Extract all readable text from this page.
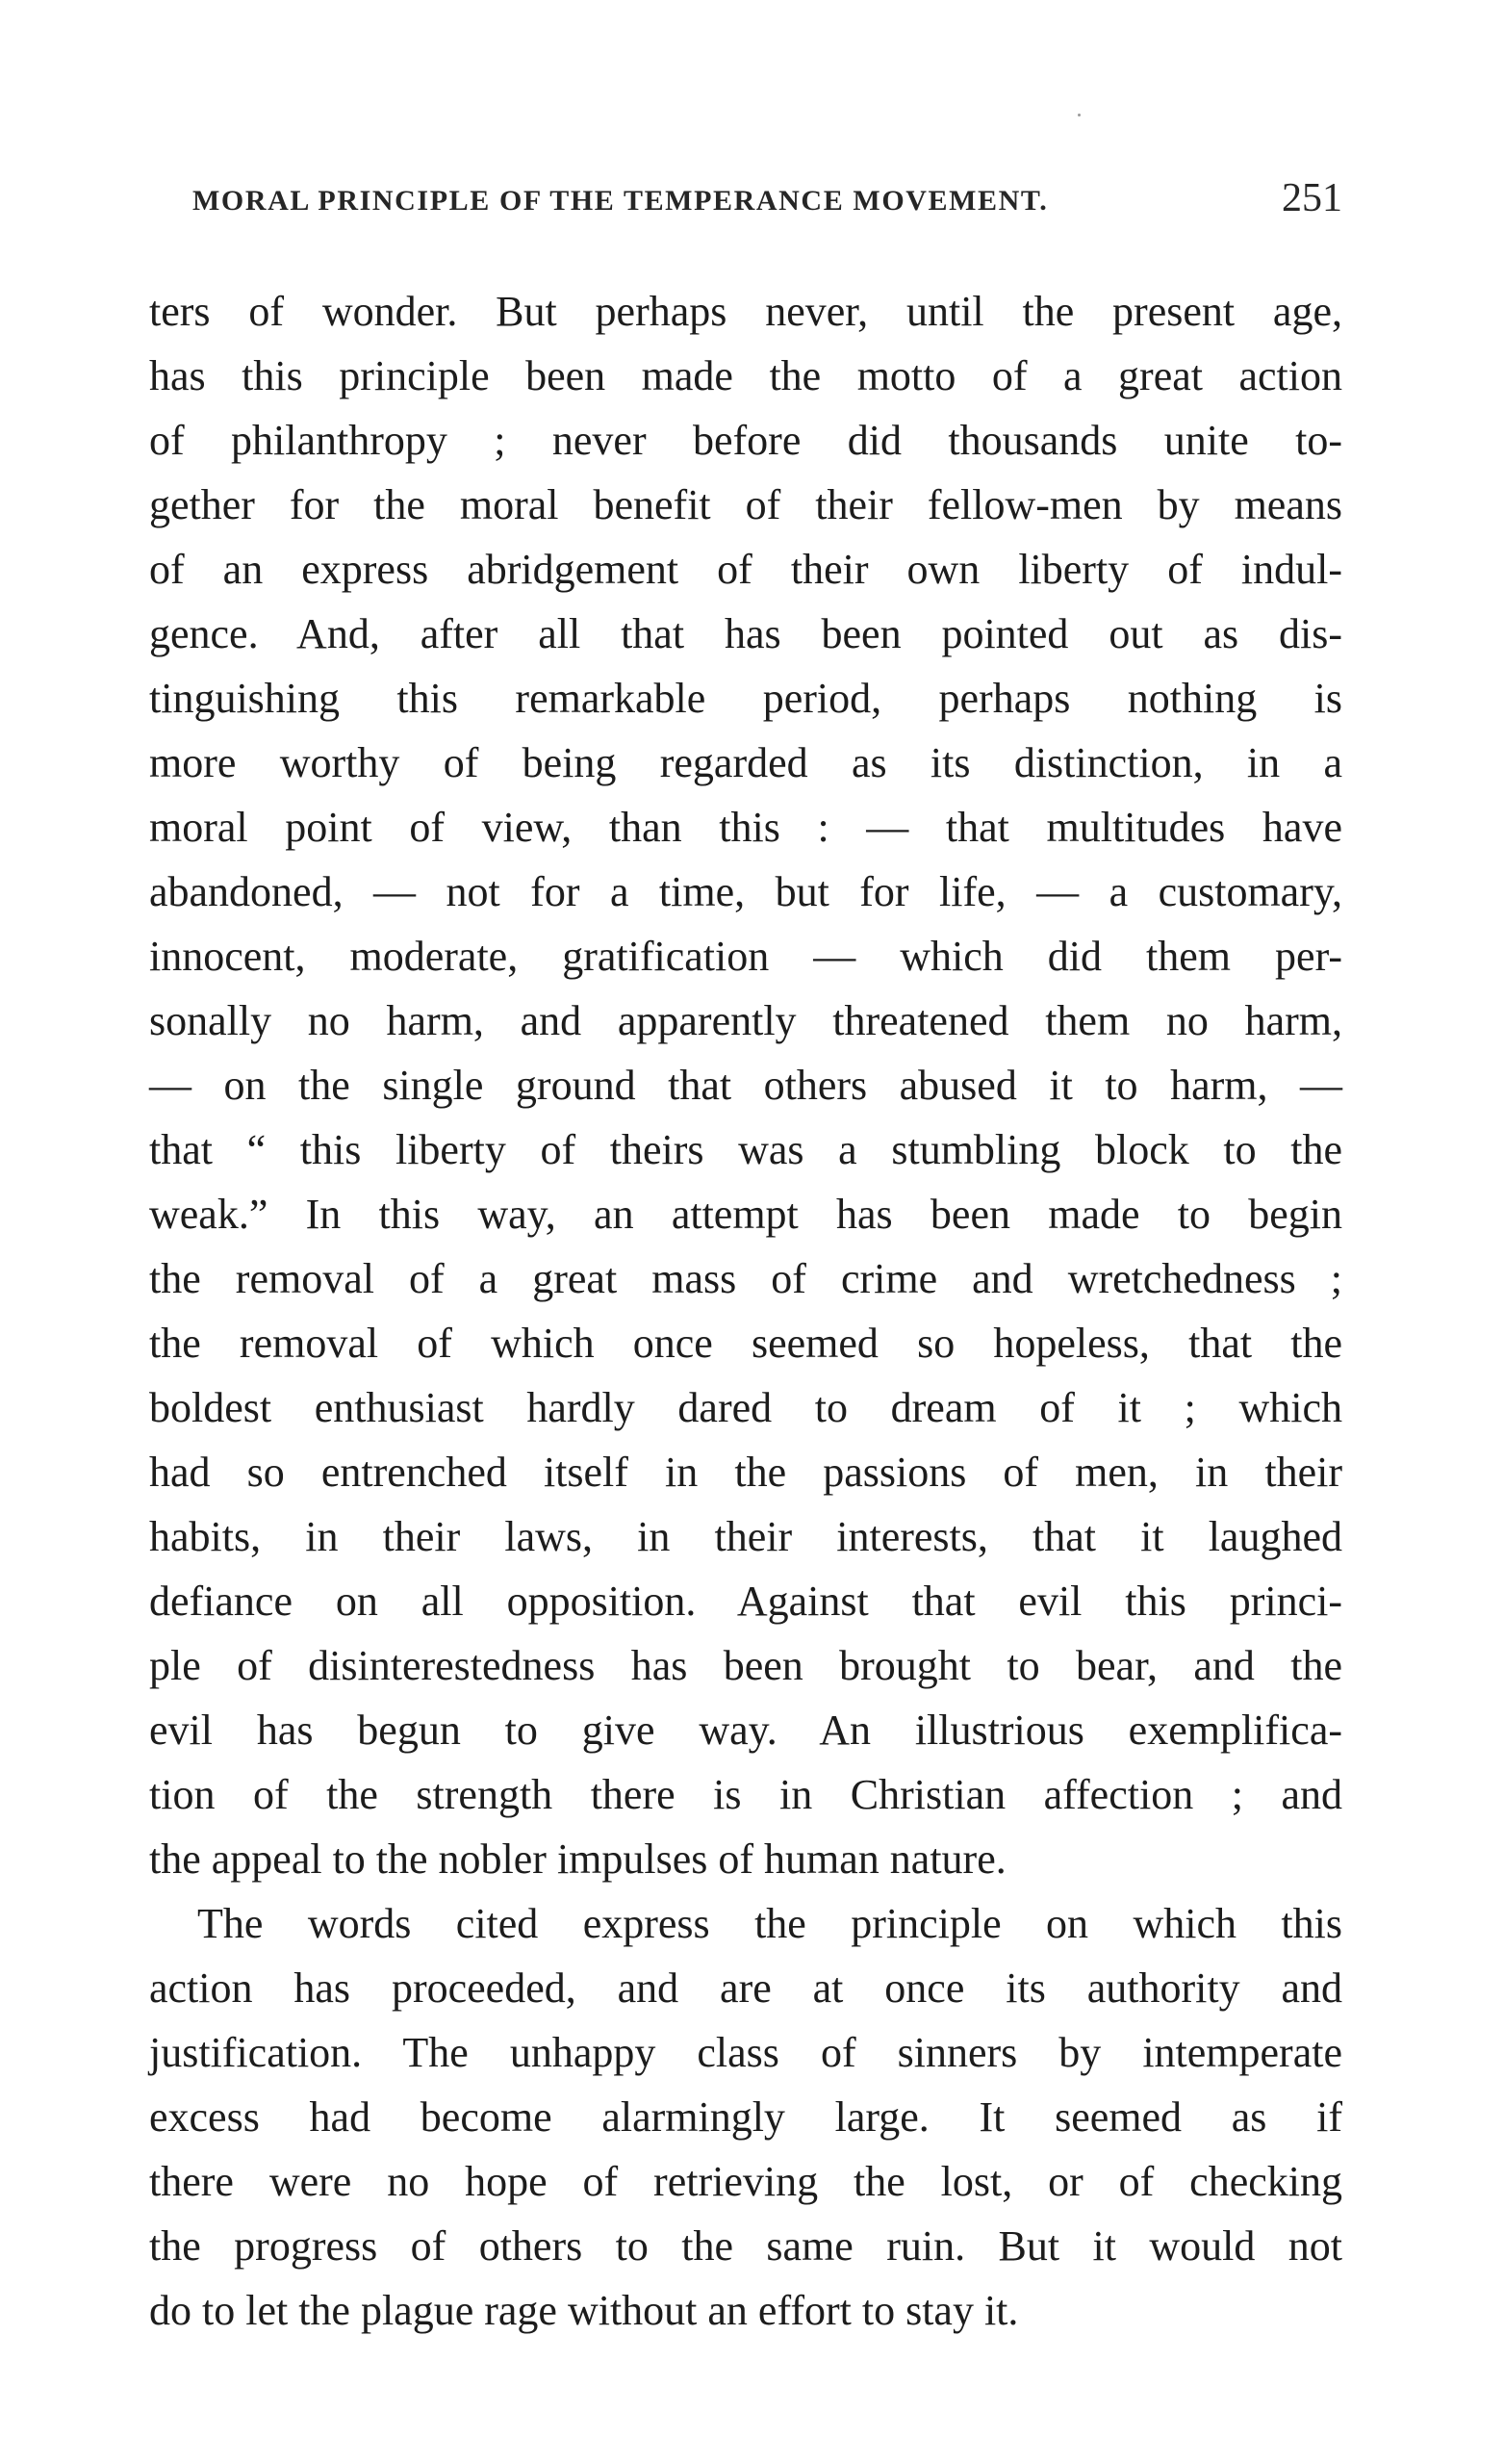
MORAL PRINCIPLE OF THE TEMPERANCE MOVEMENT.	251
ters of wonder. But perhaps never, until the present age,
has this principle been made the motto of a great action
of philanthropy ; never before did thousands unite to-
gether for the moral benefit of their fellow-men by means
of an express abridgement of their own liberty of indul-
gence. And, after all that has been pointed out as dis-
tinguishing this remarkable period, perhaps nothing is
more worthy of being regarded as its distinction, in a
moral point of view, than this : — that multitudes have
abandoned, — not for a time, but for life, — a customary,
innocent, moderate, gratification — which did them per-
sonally no harm, and apparently threatened them no harm,
— on the single ground that others abused it to harm, —
that “ this liberty of theirs was a stumbling block to the
weak.” In this way, an attempt has been made to begin
the removal of a great mass of crime and wretchedness ;
the removal of which once seemed so hopeless, that the
boldest enthusiast hardly dared to dream of it ; which
had so entrenched itself in the passions of men, in their
habits, in their laws, in their interests, that it laughed
defiance on all opposition. Against that evil this princi-
ple of disinterestedness has been brought to bear, and the
evil has begun to give way. An illustrious exemplifica-
tion of the strength there is in Christian affection ; and
the appeal to the nobler impulses of human nature.
The words cited express the principle on which this
action has proceeded, and are at once its authority and
justification. The unhappy class of sinners by intemperate
excess had become alarmingly large. It seemed as if
there were no hope of retrieving the lost, or of checking
the progress of others to the same ruin. But it would not
do to let the plague rage without an effort to stay it.
